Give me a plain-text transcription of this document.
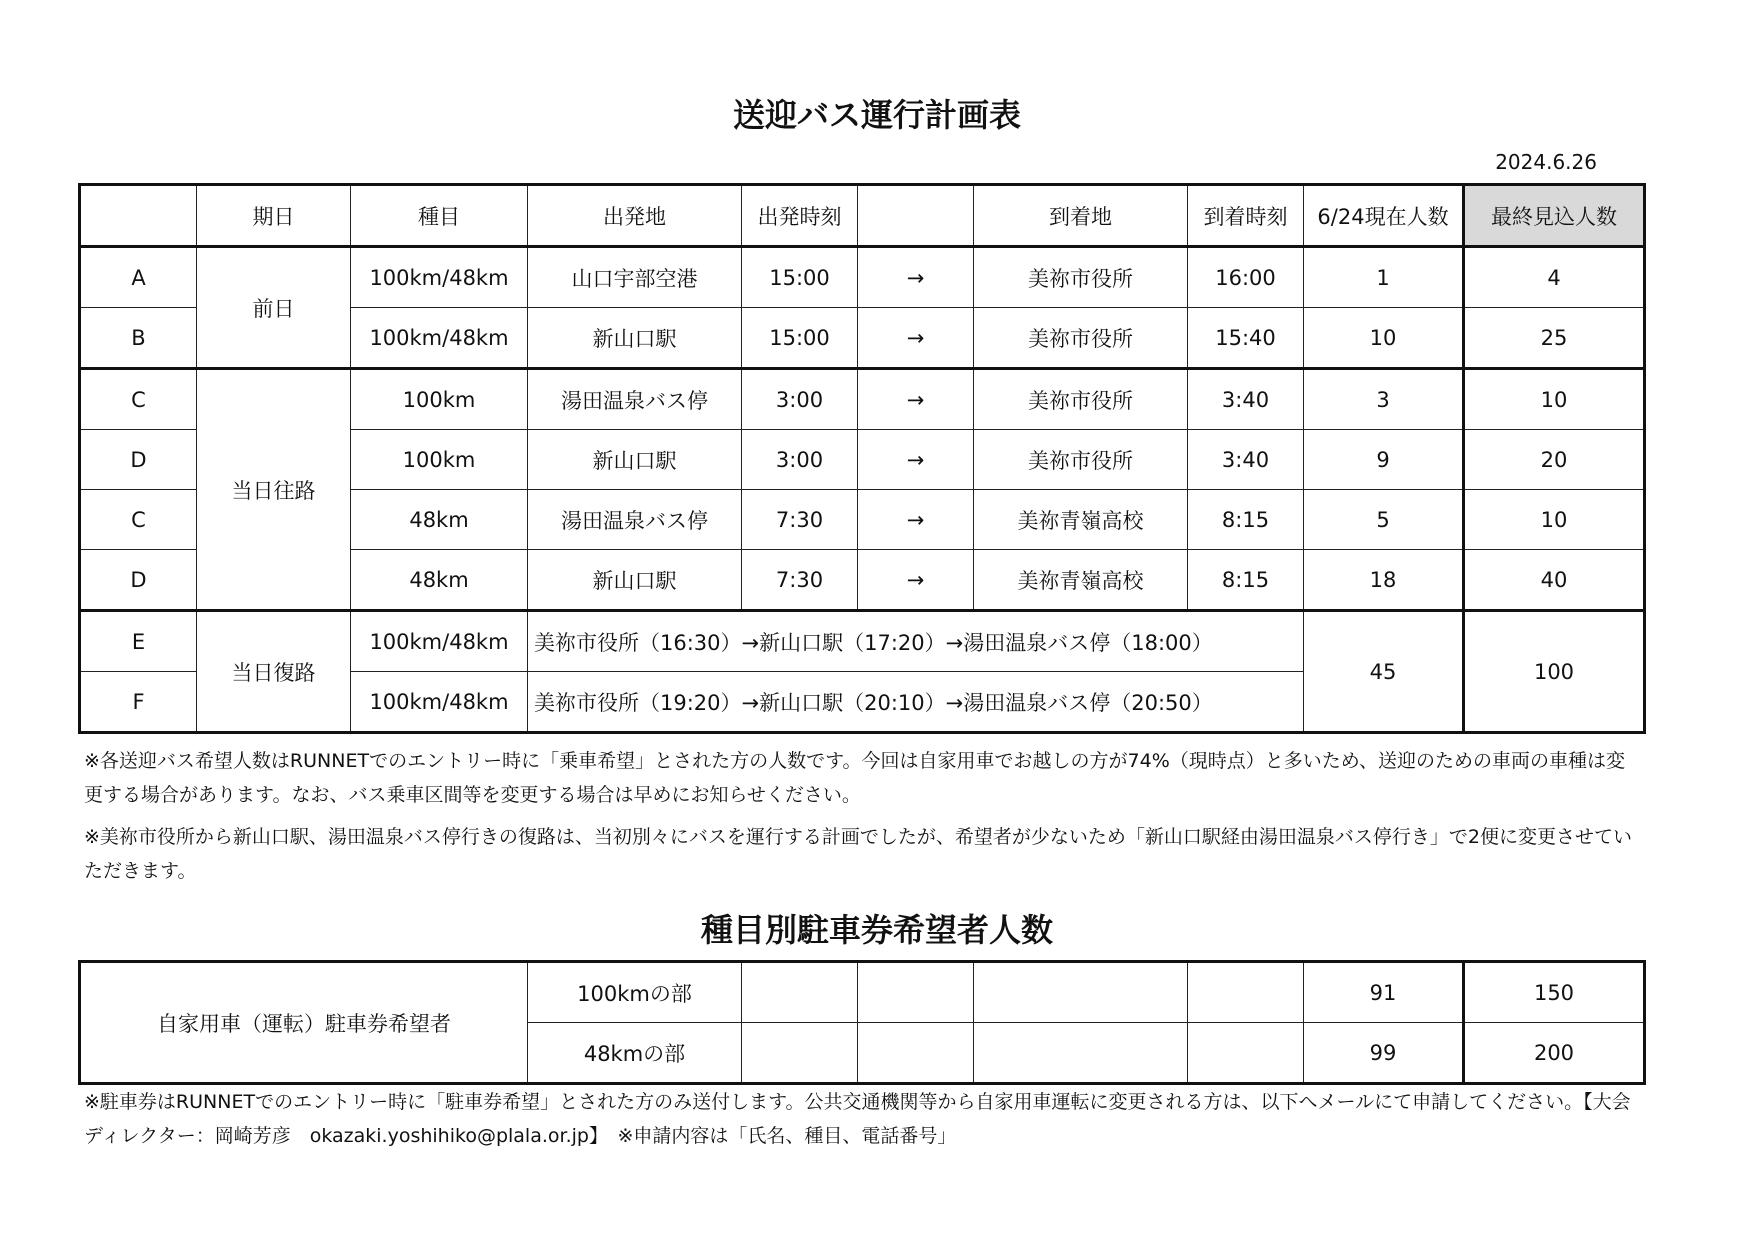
送迎バス運行計画表
2024.6.26
	期日	種目	出発地	出発時刻		到着地	到着時刻	6/24現在人数	最終見込人数
A	前日	100km/48km	山口宇部空港	15:00	→	美祢市役所	16:00	1	4
B		100km/48km	新山口駅	15:00	→	美祢市役所	15:40	10	25
C	当日往路	100km	湯田温泉バス停	3:00	→	美祢市役所	3:40	3	10
D		100km	新山口駅	3:00	→	美祢市役所	3:40	9	20
C		48km	湯田温泉バス停	7:30	→	美祢青嶺高校	8:15	5	10
D		48km	新山口駅	7:30	→	美祢青嶺高校	8:15	18	40
E	当日復路	100km/48km	美祢市役所（16:30）→新山口駅（17:20）→湯田温泉バス停（18:00）					45	100
F		100km/48km	美祢市役所（19:20）→新山口駅（20:10）→湯田温泉バス停（20:50）						

※各送迎バス希望人数はRUNNETでのエントリー時に「乗車希望」とされた方の人数です。今回は自家用車でお越しの方が74%（現時点）と多いため、送迎のための車両の車種は変更する場合があります。なお、バス乗車区間等を変更する場合は早めにお知らせください。

※美祢市役所から新山口駅、湯田温泉バス停行きの復路は、当初別々にバスを運行する計画でしたが、希望者が少ないため「新山口駅経由湯田温泉バス停行き」で2便に変更させていただきます。

種目別駐車券希望者人数
自家用車（運転）駐車券希望者	100kmの部					91	150
	48kmの部					99	200

※駐車券はRUNNETでのエントリー時に「駐車券希望」とされた方のみ送付します。公共交通機関等から自家用車運転に変更される方は、以下へメールにて申請してください。【大会ディレクター：岡崎芳彦　okazaki.yoshihiko@plala.or.jp】　※申請内容は「氏名、種目、電話番号」
